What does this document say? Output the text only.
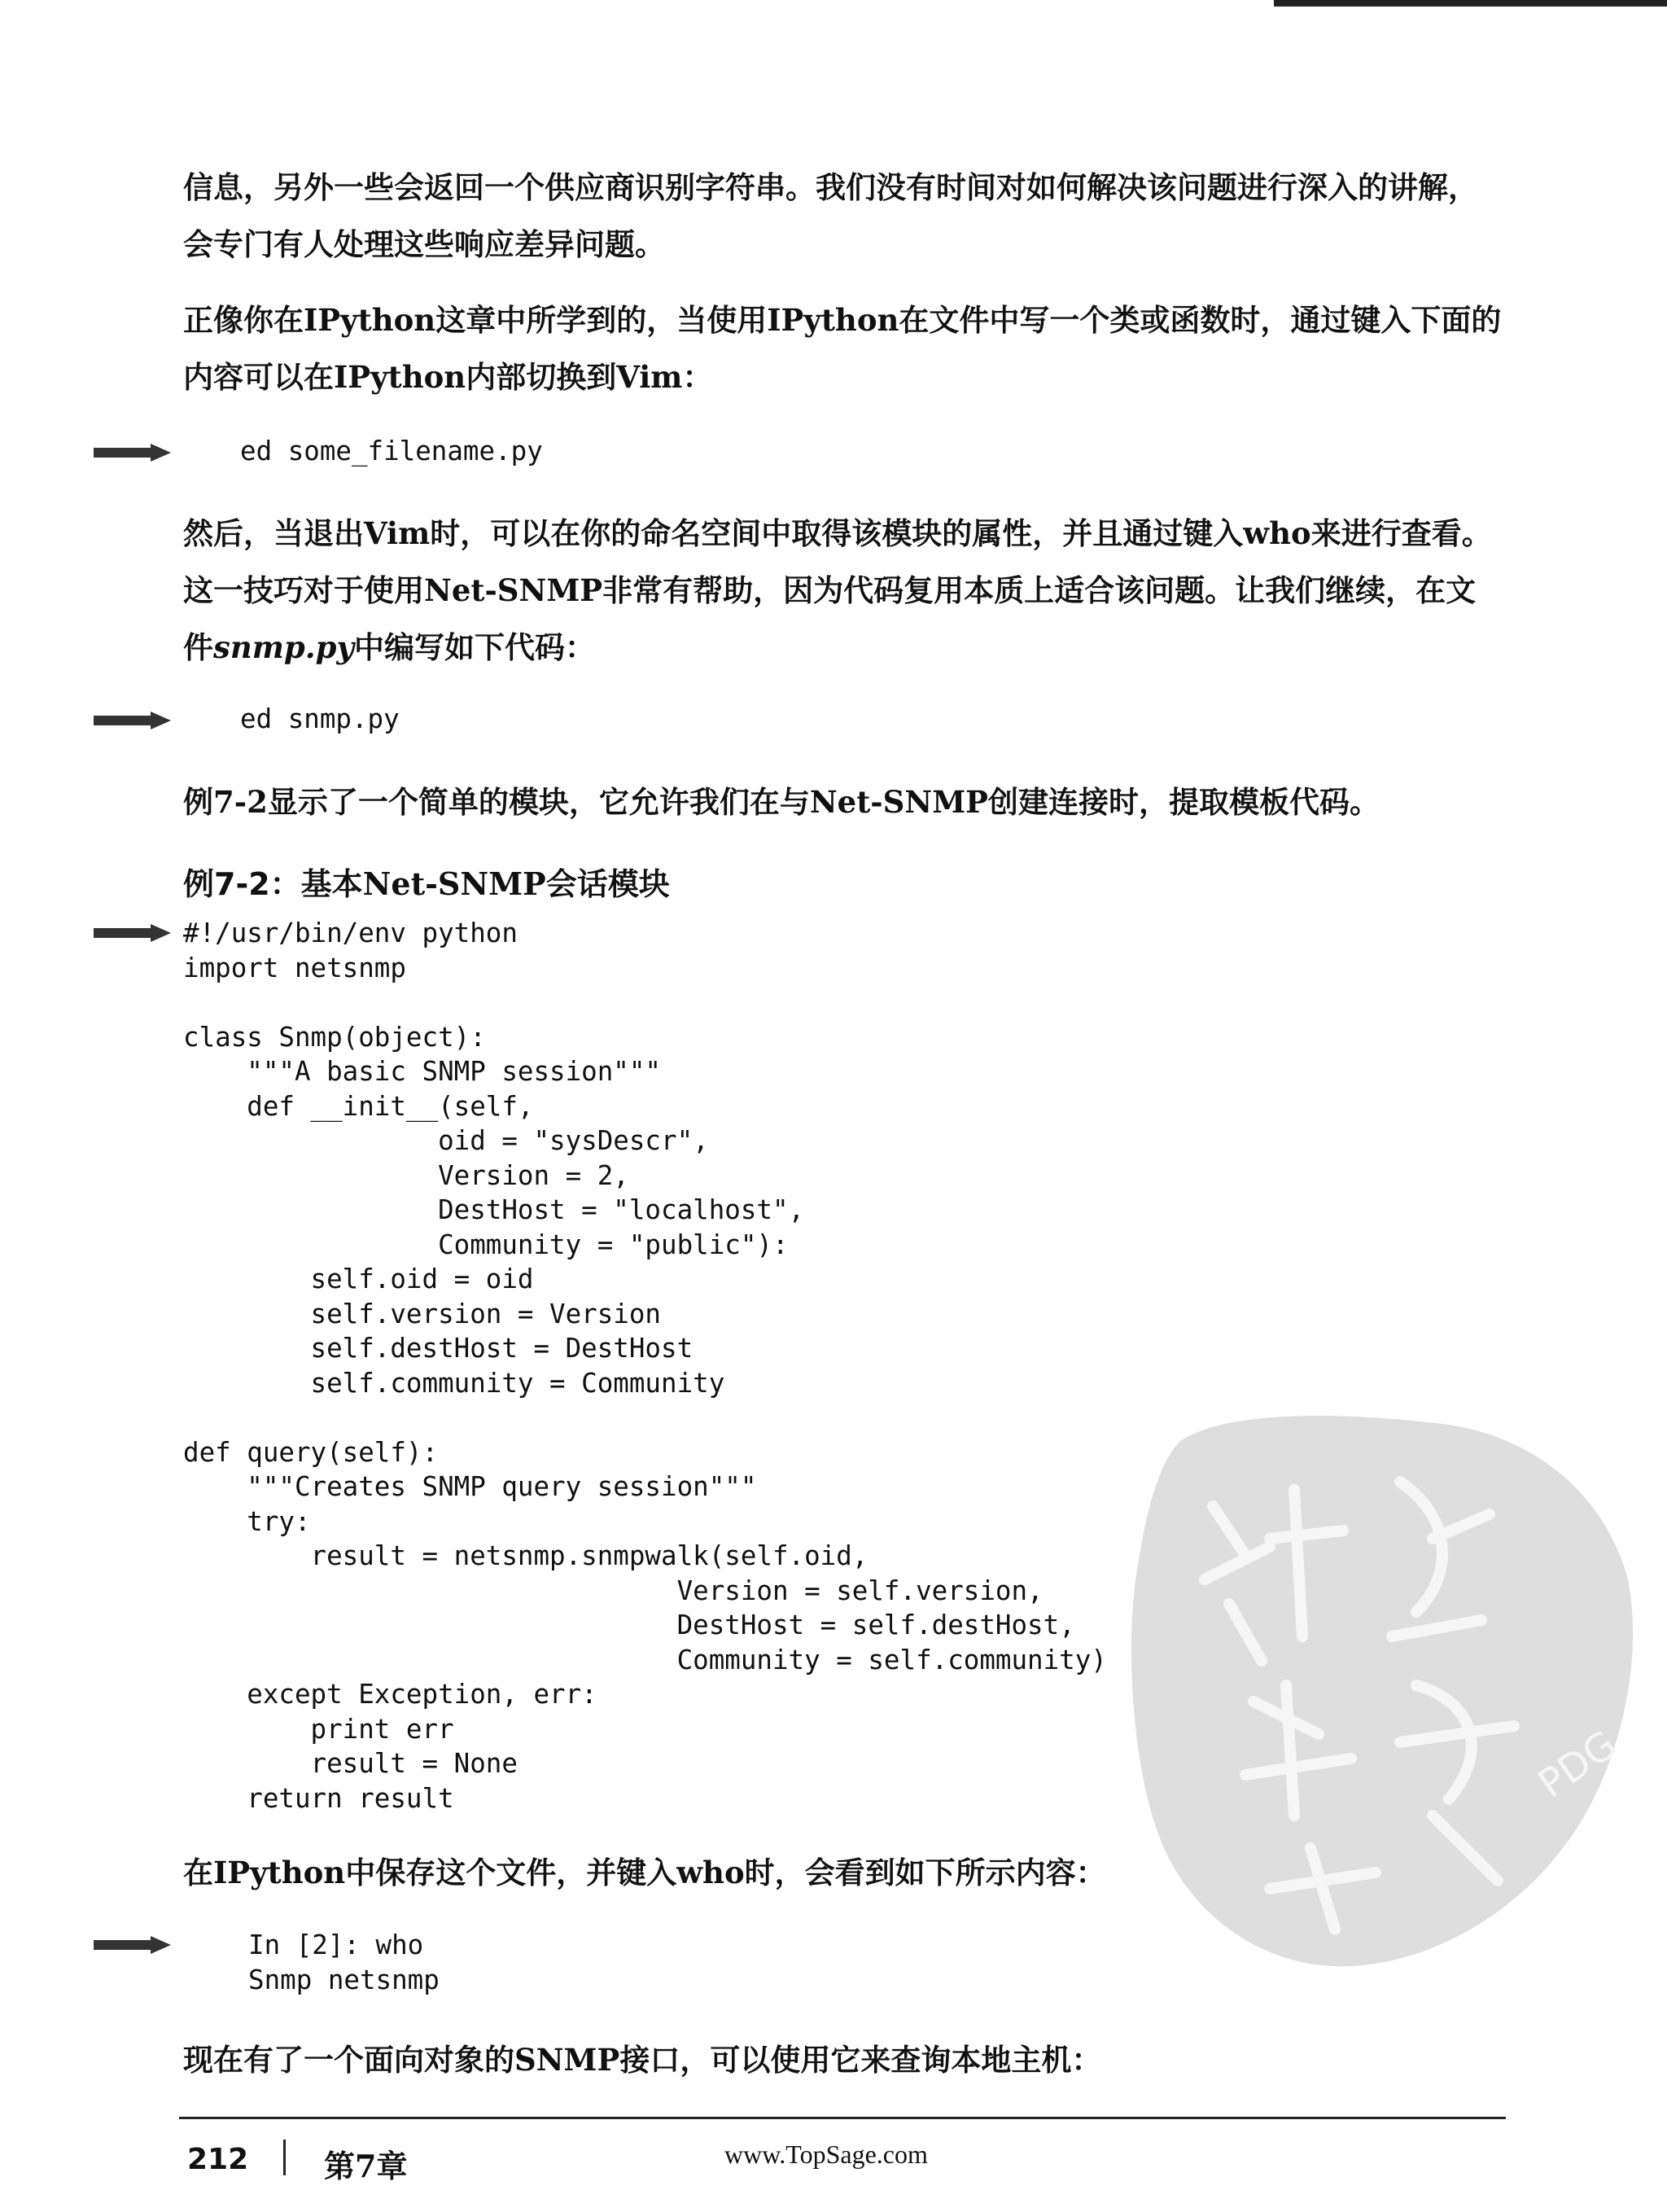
信息，另外一些会返回一个供应商识别字符串。我们没有时间对如何解决该问题进行深入的讲解，会专门有人处理这些响应差异问题。

正像你在IPython这章中所学到的，当使用IPython在文件中写一个类或函数时，通过键入下面的内容可以在IPython内部切换到Vim：

ed some_filename.py

然后，当退出Vim时，可以在你的命名空间中取得该模块的属性，并且通过键入who来进行查看。这一技巧对于使用Net-SNMP非常有帮助，因为代码复用本质上适合该问题。让我们继续，在文件snmp.py中编写如下代码：

ed snmp.py

例7-2显示了一个简单的模块，它允许我们在与Net-SNMP创建连接时，提取模板代码。

例7-2：基本Net-SNMP会话模块

#!/usr/bin/env python
import netsnmp

class Snmp(object):
"""A basic SNMP session"""
def __init__(self,
oid = "sysDescr",
Version = 2,
DestHost = "localhost",
Community = "public"):
self.oid = oid
self.version = Version
self.destHost = DestHost
self.community = Community

def query(self):
"""Creates SNMP query session"""
try:
result = netsnmp.snmpwalk(self.oid,
Version = self.version,
DestHost = self.destHost,
Community = self.community)
except Exception, err:
print err
result = None
return result

在IPython中保存这个文件，并键入who时，会看到如下所示内容：

In [2]: who
Snmp netsnmp

现在有了一个面向对象的SNMP接口，可以使用它来查询本地主机：

PDG
212 第7章	www.TopSage.com
